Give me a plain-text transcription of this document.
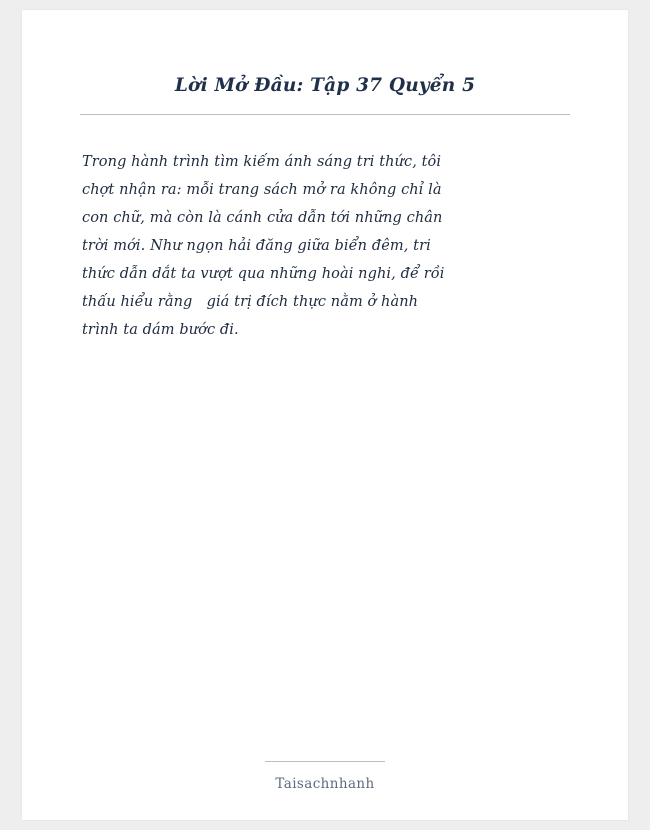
Lời Mở Đầu: Tập 37 Quyển 5
Trong hành trình tìm kiếm ánh sáng tri thức, tôi
chợt nhận ra: mỗi trang sách mở ra không chỉ là
con chữ, mà còn là cánh cửa dẫn tới những chân
trời mới. Như ngọn hải đăng giữa biển đêm, tri
thức dẫn dắt ta vượt qua những hoài nghi, để rồi
thấu hiểu rằng   giá trị đích thực nằm ở hành
trình ta dám bước đi.
Taisachnhanh
